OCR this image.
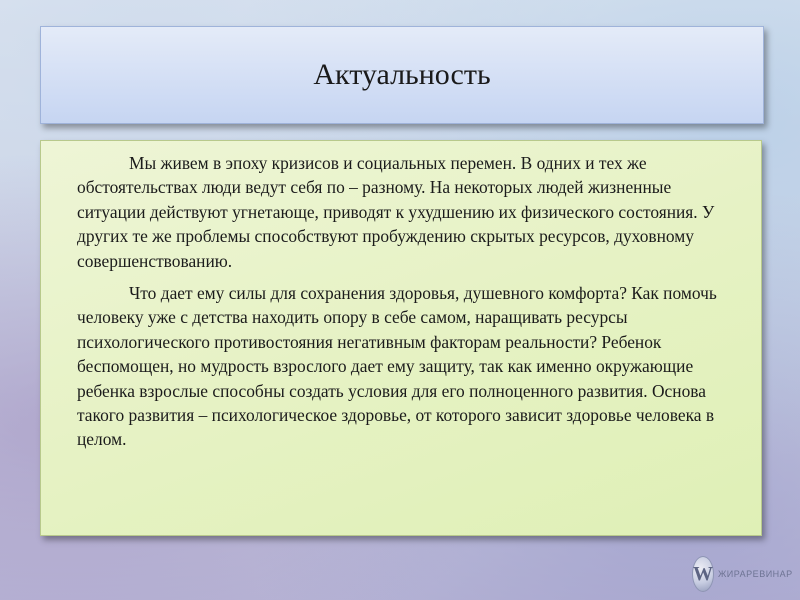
Актуальность

Мы живем в эпоху кризисов и социальных перемен. В одних и тех же обстоятельствах люди ведут себя по – разному. На некоторых людей жизненные ситуации действуют угнетающе, приводят к ухудшению их физического состояния. У других те же проблемы способствуют пробуждению скрытых ресурсов, духовному совершенствованию.

Что дает ему силы для сохранения здоровья, душевного комфорта? Как помочь человеку уже с детства находить опору в себе самом, наращивать ресурсы психологического противостояния негативным факторам реальности? Ребенок беспомощен, но мудрость взрослого дает ему защиту, так как именно окружающие ребенка взрослые способны создать условия для его полноценного развития. Основа такого развития – психологическое здоровье, от которого зависит здоровье человека в целом.

W ЖИРАРЕВИНАР
